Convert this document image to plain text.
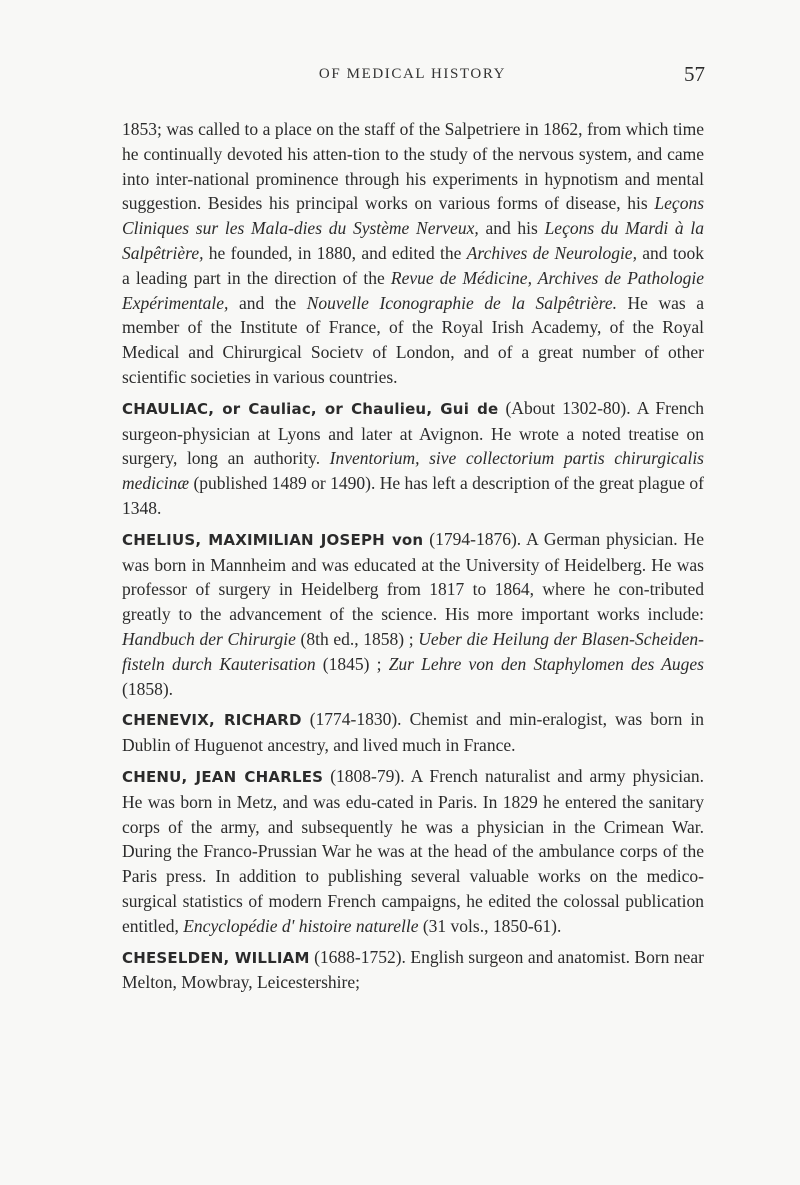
OF MEDICAL HISTORY	57

1853; was called to a place on the staff of the Salpetriere in 1862, from which time he continually devoted his atten-tion to the study of the nervous system, and came into inter-national prominence through his experiments in hypnotism and mental suggestion. Besides his principal works on various forms of disease, his Leçons Cliniques sur les Mala-dies du Système Nerveux, and his Leçons du Mardi à la Salpêtrière, he founded, in 1880, and edited the Archives de Neurologie, and took a leading part in the direction of the Revue de Médicine, Archives de Pathologie Expérimentale, and the Nouvelle Iconographie de la Salpêtrière. He was a member of the Institute of France, of the Royal Irish Academy, of the Royal Medical and Chirurgical Societv of London, and of a great number of other scientific societies in various countries.

CHAULIAC, or Cauliac, or Chaulieu, Gui de (About 1302-80). A French surgeon-physician at Lyons and later at Avignon. He wrote a noted treatise on surgery, long an authority. Inventorium, sive collectorium partis chirurgicalis medicinæ (published 1489 or 1490). He has left a description of the great plague of 1348.

CHELIUS, MAXIMILIAN JOSEPH von (1794-1876). A German physician. He was born in Mannheim and was educated at the University of Heidelberg. He was professor of surgery in Heidelberg from 1817 to 1864, where he con-tributed greatly to the advancement of the science. His more important works include: Handbuch der Chirurgie (8th ed., 1858) ; Ueber die Heilung der Blasen-Scheiden-fisteln durch Kauterisation (1845) ; Zur Lehre von den Staphylomen des Auges (1858).

CHENEVIX, RICHARD (1774-1830). Chemist and min-eralogist, was born in Dublin of Huguenot ancestry, and lived much in France.

CHENU, JEAN CHARLES (1808-79). A French naturalist and army physician. He was born in Metz, and was edu-cated in Paris. In 1829 he entered the sanitary corps of the army, and subsequently he was a physician in the Crimean War. During the Franco-Prussian War he was at the head of the ambulance corps of the Paris press. In addition to publishing several valuable works on the medico-surgical statistics of modern French campaigns, he edited the colossal publication entitled, Encyclopédie d' histoire naturelle (31 vols., 1850-61).

CHESELDEN, WILLIAM (1688-1752). English surgeon and anatomist. Born near Melton, Mowbray, Leicestershire;
